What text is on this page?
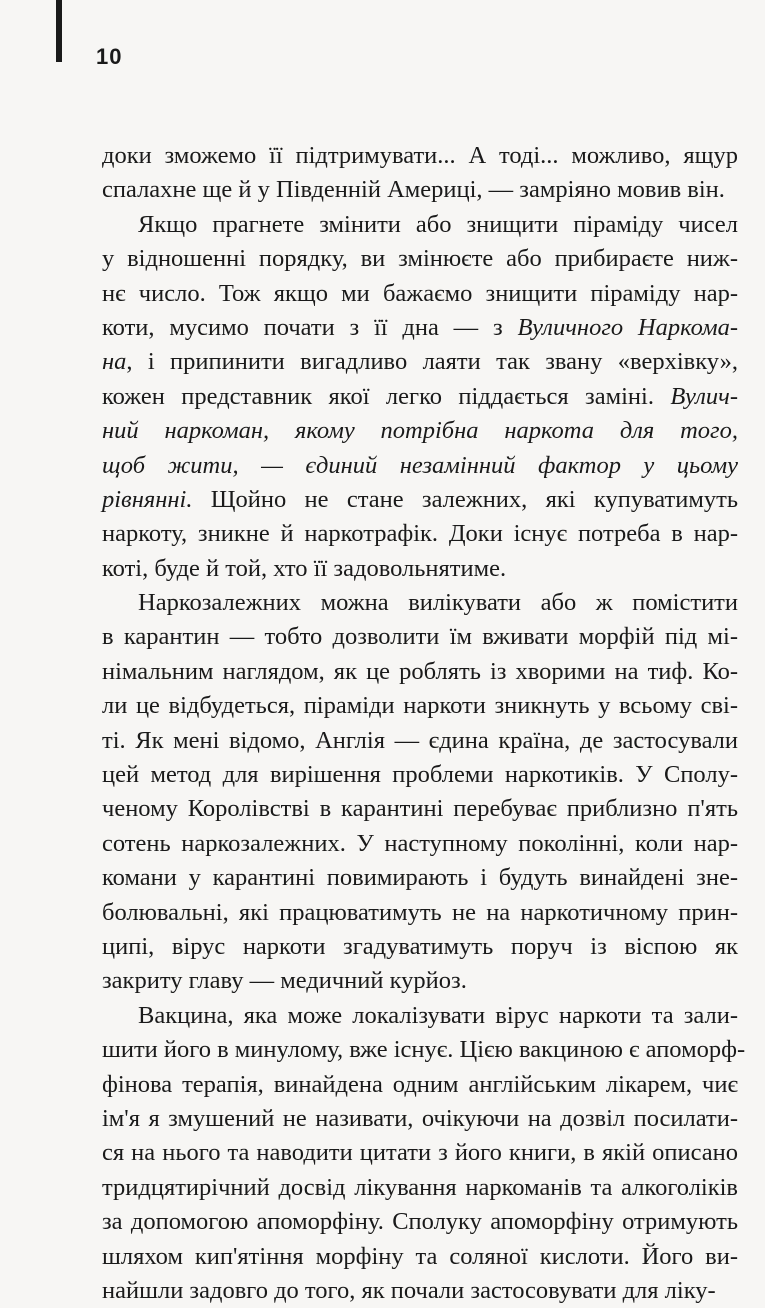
10
доки зможемо її підтримувати... А тоді... можливо, ящур
спалахне ще й у Південній Америці, — замріяно мовив він.
Якщо прагнете змінити або знищити піраміду чисел
у відношенні порядку, ви змінюєте або прибираєте ниж-
нє число. Тож якщо ми бажаємо знищити піраміду нар-
коти, мусимо почати з її дна — з Вуличного Наркома-
на, і припинити вигадливо лаяти так звану «верхівку»,
кожен представник якої легко піддається заміні. Вулич-
ний наркоман, якому потрібна наркота для того,
щоб жити, — єдиний незамінний фактор у цьому
рівнянні. Щойно не стане залежних, які купуватимуть
наркоту, зникне й наркотрафік. Доки існує потреба в нар-
коті, буде й той, хто її задовольнятиме.
Наркозалежних можна вилікувати або ж помістити
в карантин — тобто дозволити їм вживати морфій під мі-
німальним наглядом, як це роблять із хворими на тиф. Ко-
ли це відбудеться, піраміди наркоти зникнуть у всьому сві-
ті. Як мені відомо, Англія — єдина країна, де застосували
цей метод для вирішення проблеми наркотиків. У Сполу-
ченому Королівстві в карантині перебуває приблизно п'ять
сотень наркозалежних. У наступному поколінні, коли нар-
комани у карантині повимирають і будуть винайдені зне-
болювальні, які працюватимуть не на наркотичному прин-
ципі, вірус наркоти згадуватимуть поруч із віспою як
закриту главу — медичний курйоз.
Вакцина, яка може локалізувати вірус наркоти та зали-
шити його в минулому, вже існує. Цією вакциною є апоморф-
фінова терапія, винайдена одним англійським лікарем, чиє
ім'я я змушений не називати, очікуючи на дозвіл посилати-
ся на нього та наводити цитати з його книги, в якій описано
тридцятирічний досвід лікування наркоманів та алкоголіків
за допомогою апоморфіну. Сполуку апоморфіну отримують
шляхом кип'ятіння морфіну та соляної кислоти. Його ви-
найшли задовго до того, як почали застосовувати для ліку-
